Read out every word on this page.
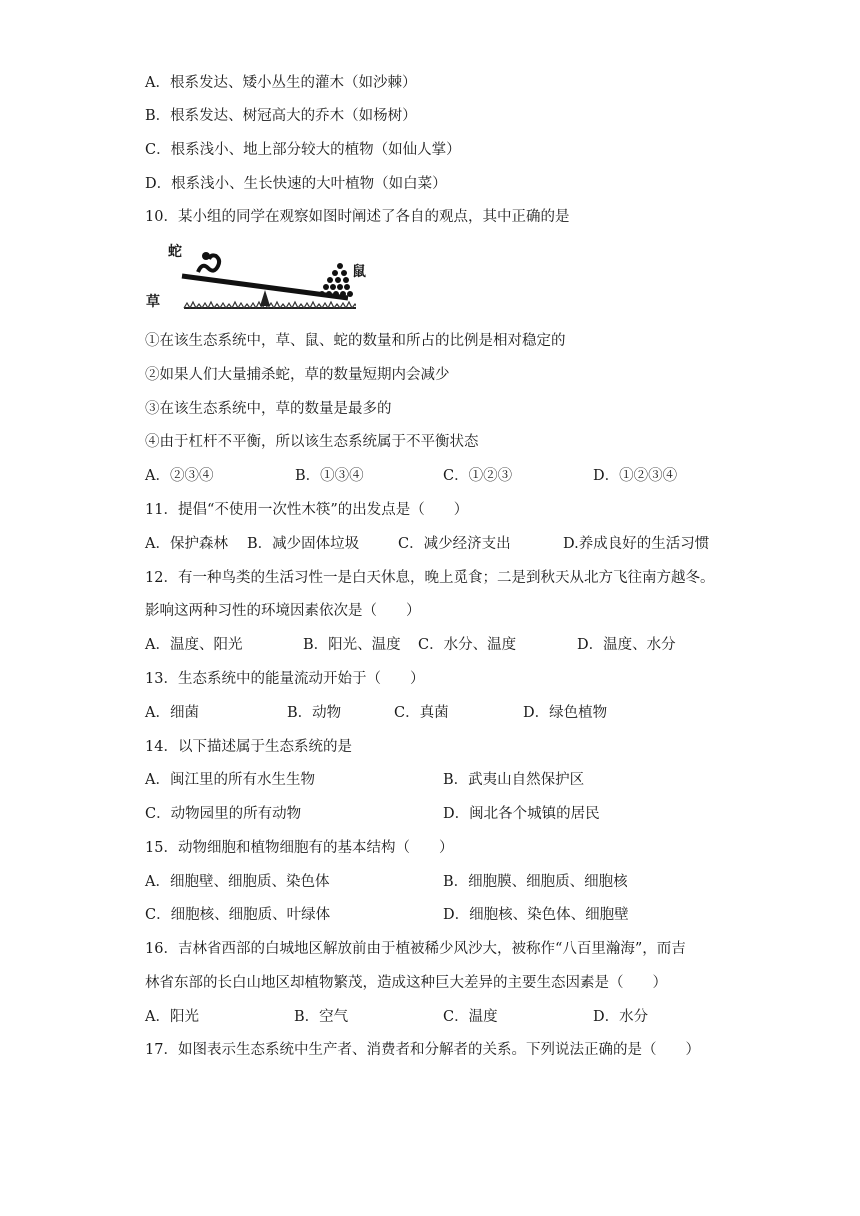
A．根系发达、矮小丛生的灌木（如沙棘）
B．根系发达、树冠高大的乔木（如杨树）
C．根系浅小、地上部分较大的植物（如仙人掌）
D．根系浅小、生长快速的大叶植物（如白菜）
10．某小组的同学在观察如图时阐述了各自的观点，其中正确的是
蛇
鼠
草
①在该生态系统中，草、鼠、蛇的数量和所占的比例是相对稳定的
②如果人们大量捕杀蛇，草的数量短期内会减少
③在该生态系统中，草的数量是最多的
④由于杠杆不平衡，所以该生态系统属于不平衡状态
A．②③④	B．①③④	C．①②③	D．①②③④
11．提倡“不使用一次性木筷”的出发点是（　　）
A．保护森林 B．减少固体垃圾	C．减少经济支出	D.养成良好的生活习惯
12．有一种鸟类的生活习性一是白天休息，晚上觅食；二是到秋天从北方飞往南方越冬。
影响这两种习性的环境因素依次是（　　）
A．温度、阳光	B．阳光、温度 C．水分、温度	D．温度、水分
13．生态系统中的能量流动开始于（　　）
A．细菌	B．动物	C．真菌	D．绿色植物
14．以下描述属于生态系统的是
A．闽江里的所有水生生物	B．武夷山自然保护区
C．动物园里的所有动物	D．闽北各个城镇的居民
15．动物细胞和植物细胞有的基本结构（　　）
A．细胞壁、细胞质、染色体	B．细胞膜、细胞质、细胞核
C．细胞核、细胞质、叶绿体	D．细胞核、染色体、细胞壁
16．吉林省西部的白城地区解放前由于植被稀少风沙大，被称作“八百里瀚海”，而吉
林省东部的长白山地区却植物繁茂，造成这种巨大差异的主要生态因素是（　　）
A．阳光	B．空气	C．温度	D．水分
17．如图表示生态系统中生产者、消费者和分解者的关系。下列说法正确的是（　　）
